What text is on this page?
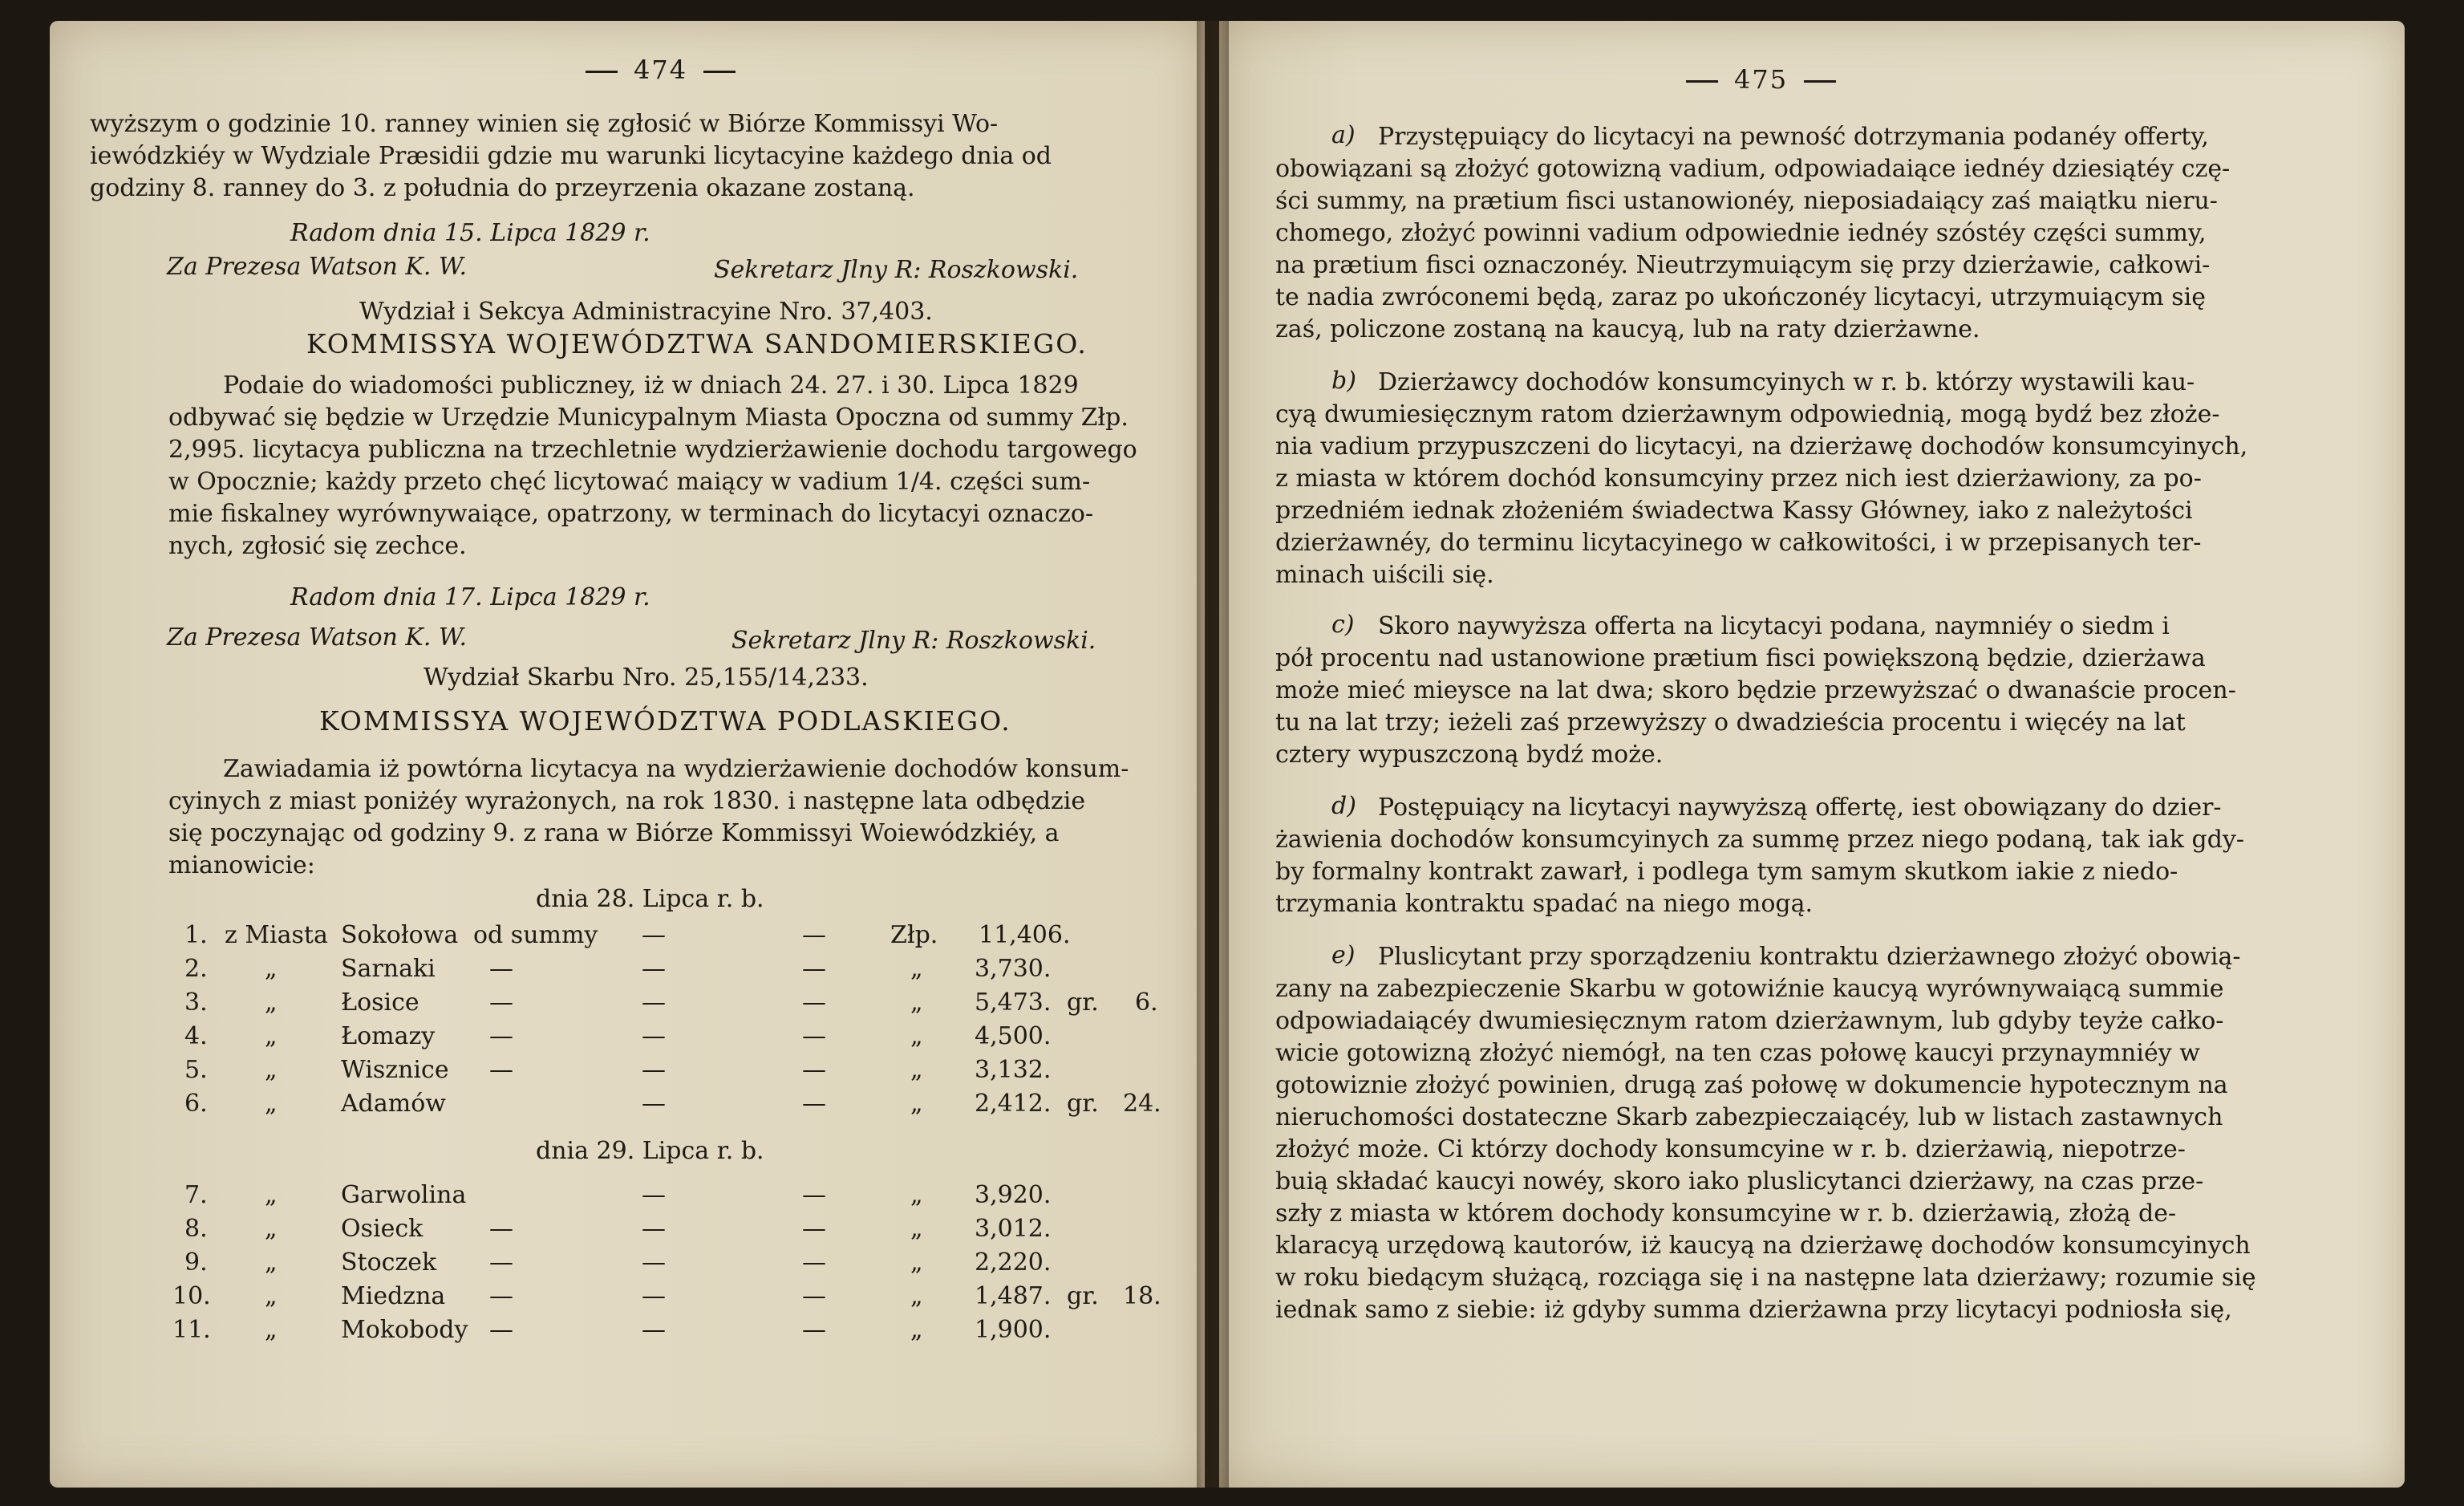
474
wyższym o godzinie 10. ranney winien się zgłosić w Biórze Kommissyi Wo-
iewódzkiéy w Wydziale Præsidii gdzie mu warunki licytacyine każdego dnia od
godziny 8. ranney do 3. z południa do przeyrzenia okazane zostaną.
Radom dnia 15. Lipca 1829 r.
Za Prezesa Watson K. W.	Sekretarz Jlny R: Roszkowski.
Wydział i Sekcya Administracyine Nro. 37,403.
KOMMISSYA WOJEWÓDZTWA SANDOMIERSKIEGO.
Podaie do wiadomości publiczney, iż w dniach 24. 27. i 30. Lipca 1829
odbywać się będzie w Urzędzie Municypalnym Miasta Opoczna od summy Złp.
2,995. licytacya publiczna na trzechletnie wydzierżawienie dochodu targowego
w Opocznie; każdy przeto chęć licytować maiący w vadium 1/4. części sum-
mie fiskalney wyrównywaiące, opatrzony, w terminach do licytacyi oznaczo-
nych, zgłosić się zechce.
Radom dnia 17. Lipca 1829 r.
Za Prezesa Watson K. W.	Sekretarz Jlny R: Roszkowski.
Wydział Skarbu Nro. 25,155/14,233.
KOMMISSYA WOJEWÓDZTWA PODLASKIEGO.
Zawiadamia iż powtórna licytacya na wydzierżawienie dochodów konsum-
cyinych z miast poniżéy wyrażonych, na rok 1830. i następne lata odbędzie
się poczynając od godziny 9. z rana w Biórze Kommissyi Woiewódzkiéy, a
mianowicie:
dnia 28. Lipca r. b.
1. z Miasta Sokołowa od summy —	—	Złp. 11,406.
2. „	Sarnaki —	—	—	„ 3,730.
3. „	Łosice	—	—	—	„ 5,473. gr. 6.
4. „	Łomazy —	—	—	„ 4,500.
5. „	Wisznice —	—	—	„ 3,132.
6. „	Adamów	—	—	„ 2,412. gr. 24.
dnia 29. Lipca r. b.
7. „	Garwolina	—	—	„ 3,920.
8. „	Osieck	—	—	—	„ 3,012.
9. „	Stoczek —	—	—	„ 2,220.
10. „	Miedzna —	—	—	„ 1,487. gr. 18.
11. „	Mokobody —	—	—	„ 1,900.
475
a) Przystępuiący do licytacyi na pewność dotrzymania podanéy offerty,
obowiązani są złożyć gotowizną vadium, odpowiadaiące iednéy dziesiątéy czę-
ści summy, na prætium fisci ustanowionéy, nieposiadaiący zaś maiątku nieru-
chomego, złożyć powinni vadium odpowiednie iednéy szóstéy części summy,
na prætium fisci oznaczonéy. Nieutrzymuiącym się przy dzierżawie, całkowi-
te nadia zwróconemi będą, zaraz po ukończonéy licytacyi, utrzymuiącym się
zaś, policzone zostaną na kaucyą, lub na raty dzierżawne.
b) Dzierżawcy dochodów konsumcyinych w r. b. którzy wystawili kau-
cyą dwumiesięcznym ratom dzierżawnym odpowiednią, mogą bydź bez złoże-
nia vadium przypuszczeni do licytacyi, na dzierżawę dochodów konsumcyinych,
z miasta w którem dochód konsumcyiny przez nich iest dzierżawiony, za po-
przedniém iednak złożeniém świadectwa Kassy Główney, iako z należytości
dzierżawnéy, do terminu licytacyinego w całkowitości, i w przepisanych ter-
minach uiścili się.
c) Skoro naywyższa offerta na licytacyi podana, naymniéy o siedm i
pół procentu nad ustanowione prætium fisci powiększoną będzie, dzierżawa
może mieć mieysce na lat dwa; skoro będzie przewyższać o dwanaście procen-
tu na lat trzy; ieżeli zaś przewyższy o dwadzieścia procentu i więcéy na lat
cztery wypuszczoną bydź może.
d) Postępuiący na licytacyi naywyższą offertę, iest obowiązany do dzier-
żawienia dochodów konsumcyinych za summę przez niego podaną, tak iak gdy-
by formalny kontrakt zawarł, i podlega tym samym skutkom iakie z niedo-
trzymania kontraktu spadać na niego mogą.
e) Pluslicytant przy sporządzeniu kontraktu dzierżawnego złożyć obowią-
zany na zabezpieczenie Skarbu w gotowiźnie kaucyą wyrównywaiącą summie
odpowiadaiącéy dwumiesięcznym ratom dzierżawnym, lub gdyby teyże całko-
wicie gotowizną złożyć niemógł, na ten czas połowę kaucyi przynaymniéy w
gotowiznie złożyć powinien, drugą zaś połowę w dokumencie hypotecznym na
nieruchomości dostateczne Skarb zabezpieczaiącéy, lub w listach zastawnych
złożyć może. Ci którzy dochody konsumcyine w r. b. dzierżawią, niepotrze-
buią składać kaucyi nowéy, skoro iako pluslicytanci dzierżawy, na czas prze-
szły z miasta w którem dochody konsumcyine w r. b. dzierżawią, złożą de-
klaracyą urzędową kautorów, iż kaucyą na dzierżawę dochodów konsumcyinych
w roku biedącym służącą, rozciąga się i na następne lata dzierżawy; rozumie się
iednak samo z siebie: iż gdyby summa dzierżawna przy licytacyi podniosła się,
